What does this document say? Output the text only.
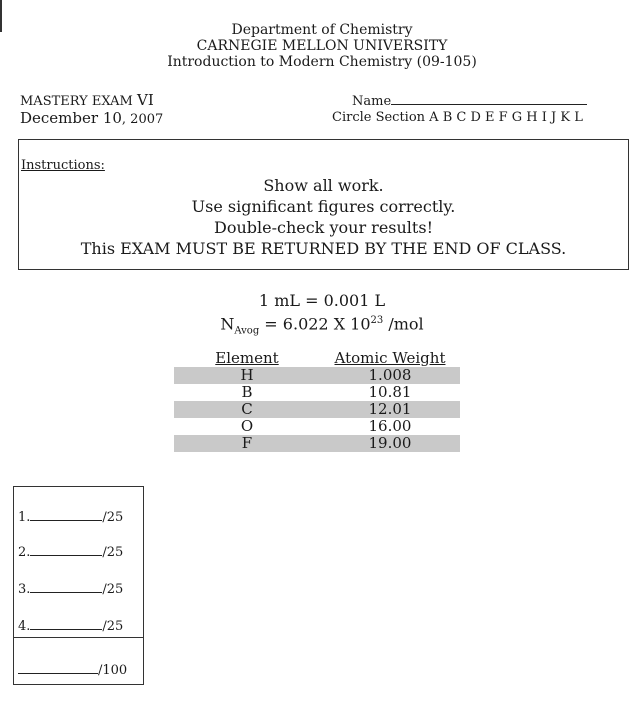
Department of Chemistry
CARNEGIE MELLON UNIVERSITY
Introduction to Modern Chemistry (09-105)
MASTERY EXAM VI
December 10, 2007
Name
Circle Section A B C D E F G H I J K L
Instructions:
Show all work.
Use significant figures correctly.
Double-check your results!
This EXAM MUST BE RETURNED BY THE END OF CLASS.
1 mL = 0.001 L
$N_{Avog} = 6.022$ X $10^{23}$ /mol
Element	Atomic Weight
H	1.008
B	10.81
C	12.01
O	16.00
F	19.00
1.	/25
2.	/25
3.	/25
4.	/25
/100
